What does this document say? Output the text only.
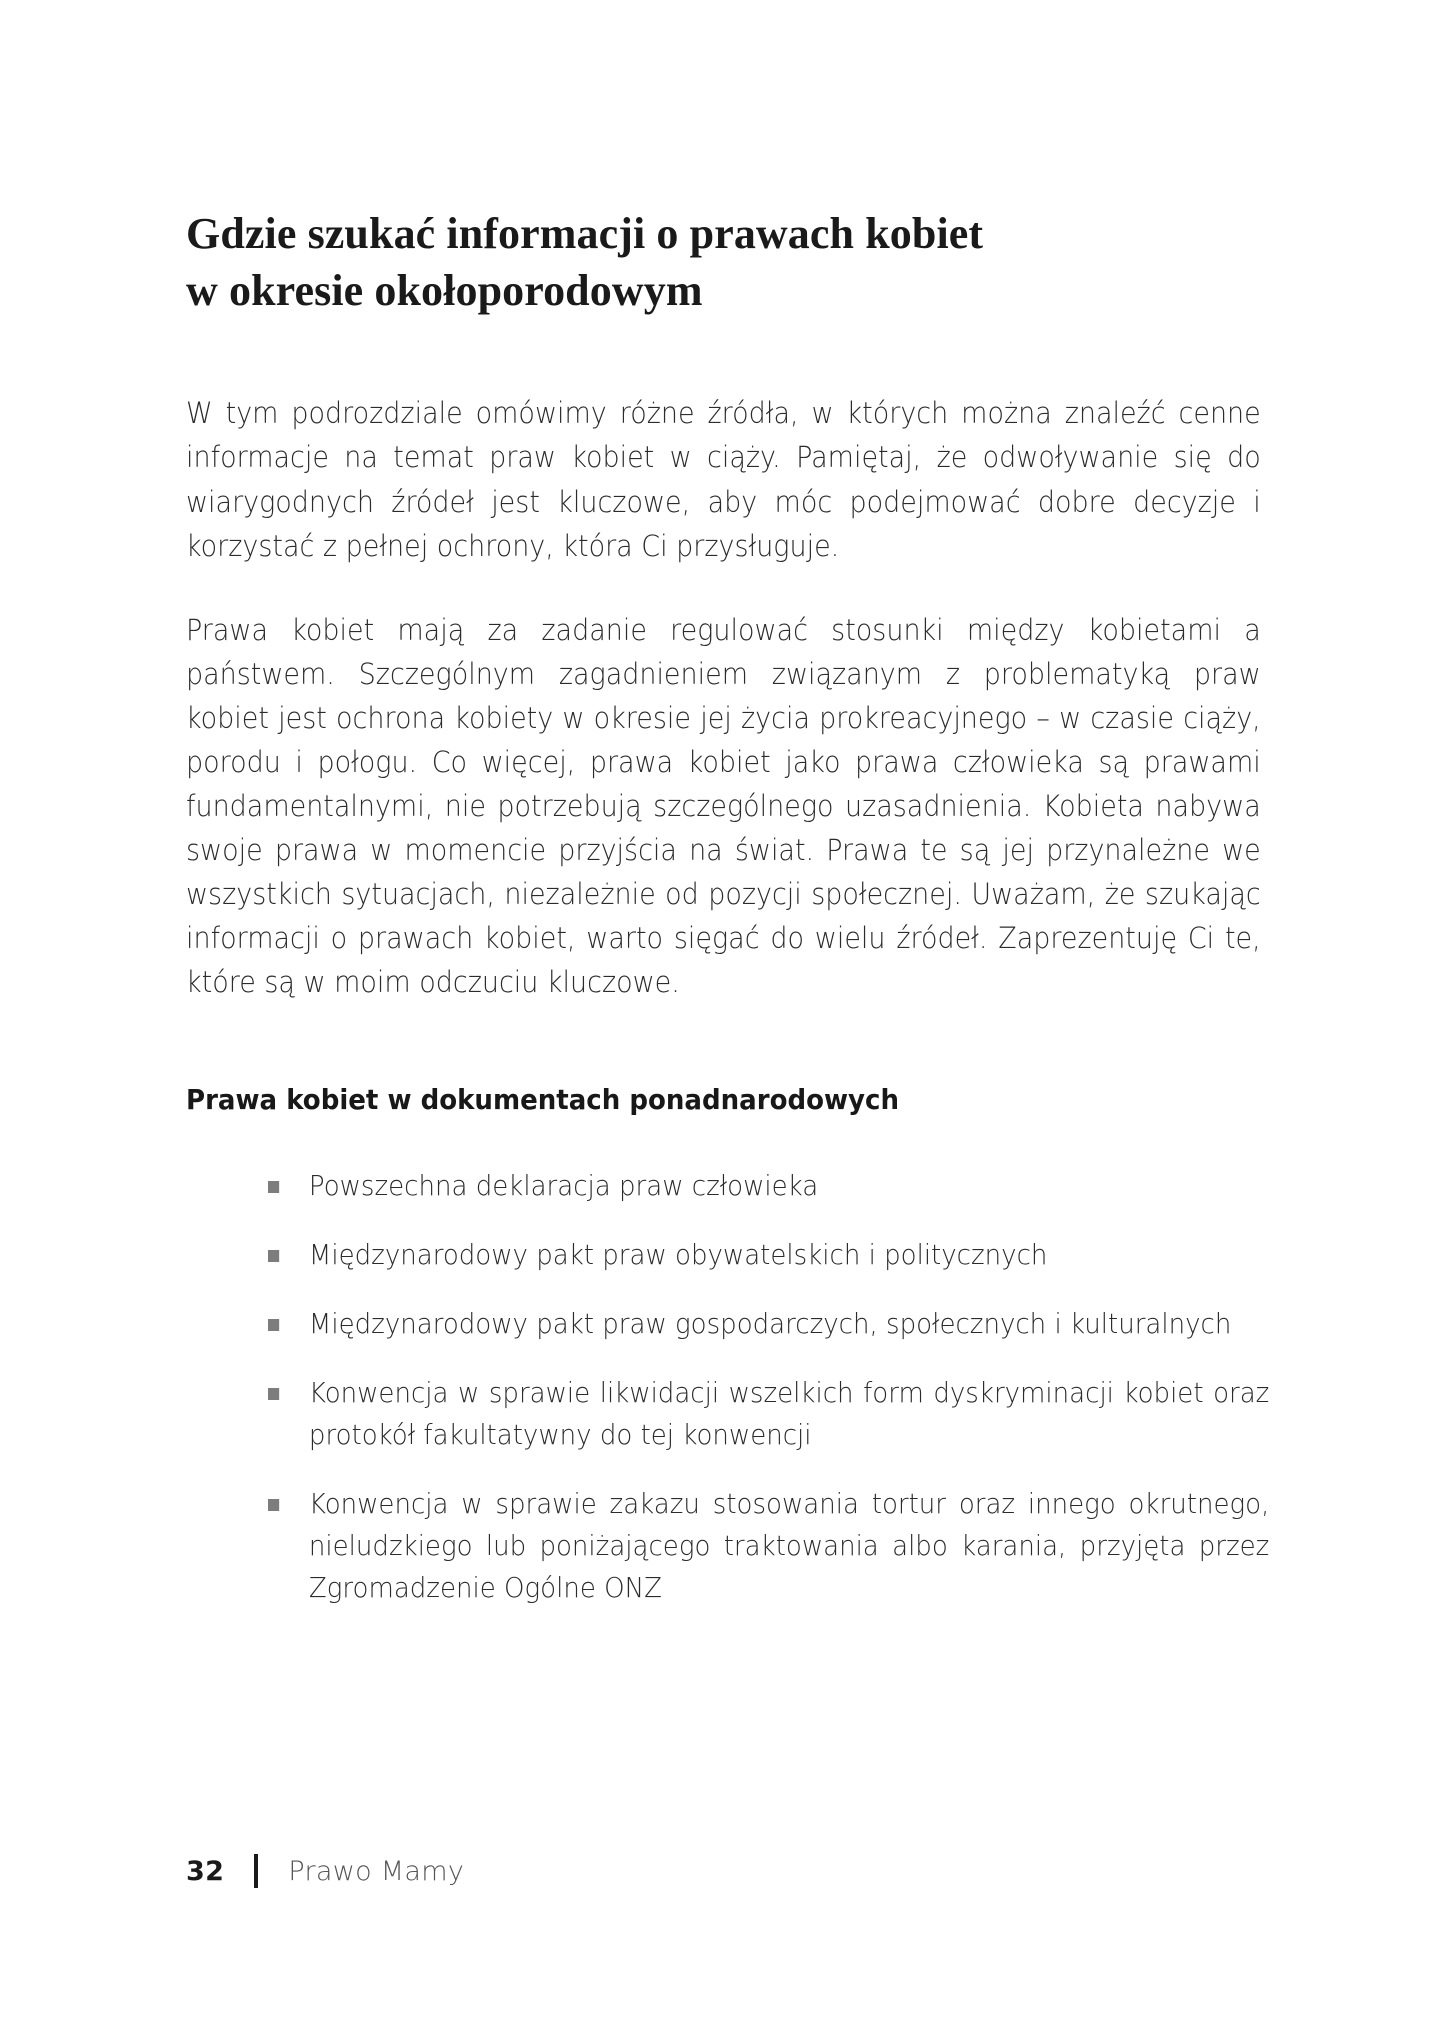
Gdzie szukać informacji o prawach kobiet
w okresie okołoporodowym

W tym podrozdziale omówimy różne źródła, w których można znaleźć cenne informacje na temat praw kobiet w ciąży. Pamiętaj, że odwoływanie się do wiarygodnych źródeł jest kluczowe, aby móc podejmować dobre decyzje i korzystać z pełnej ochrony, która Ci przysługuje.

Prawa kobiet mają za zadanie regulować stosunki między kobietami a państwem. Szczególnym zagadnieniem związanym z problematyką praw kobiet jest ochrona kobiety w okresie jej życia prokreacyjnego – w czasie ciąży, porodu i połogu. Co więcej, prawa kobiet jako prawa człowieka są prawami fundamentalnymi, nie potrzebują szczególnego uzasadnienia. Kobieta nabywa swoje prawa w momencie przyjścia na świat. Prawa te są jej przynależne we wszystkich sytuacjach, niezależnie od pozycji społecznej. Uważam, że szukając informacji o prawach kobiet, warto sięgać do wielu źródeł. Zaprezentuję Ci te, które są w moim odczuciu kluczowe.

Prawa kobiet w dokumentach ponadnarodowych
Powszechna deklaracja praw człowieka
Międzynarodowy pakt praw obywatelskich i politycznych
Międzynarodowy pakt praw gospodarczych, społecznych i kulturalnych
Konwencja w sprawie likwidacji wszelkich form dyskryminacji kobiet oraz protokół fakultatywny do tej konwencji
Konwencja w sprawie zakazu stosowania tortur oraz innego okrutnego, nieludzkiego lub poniżającego traktowania albo karania, przyjęta przez Zgromadzenie Ogólne ONZ
32 Prawo Mamy
